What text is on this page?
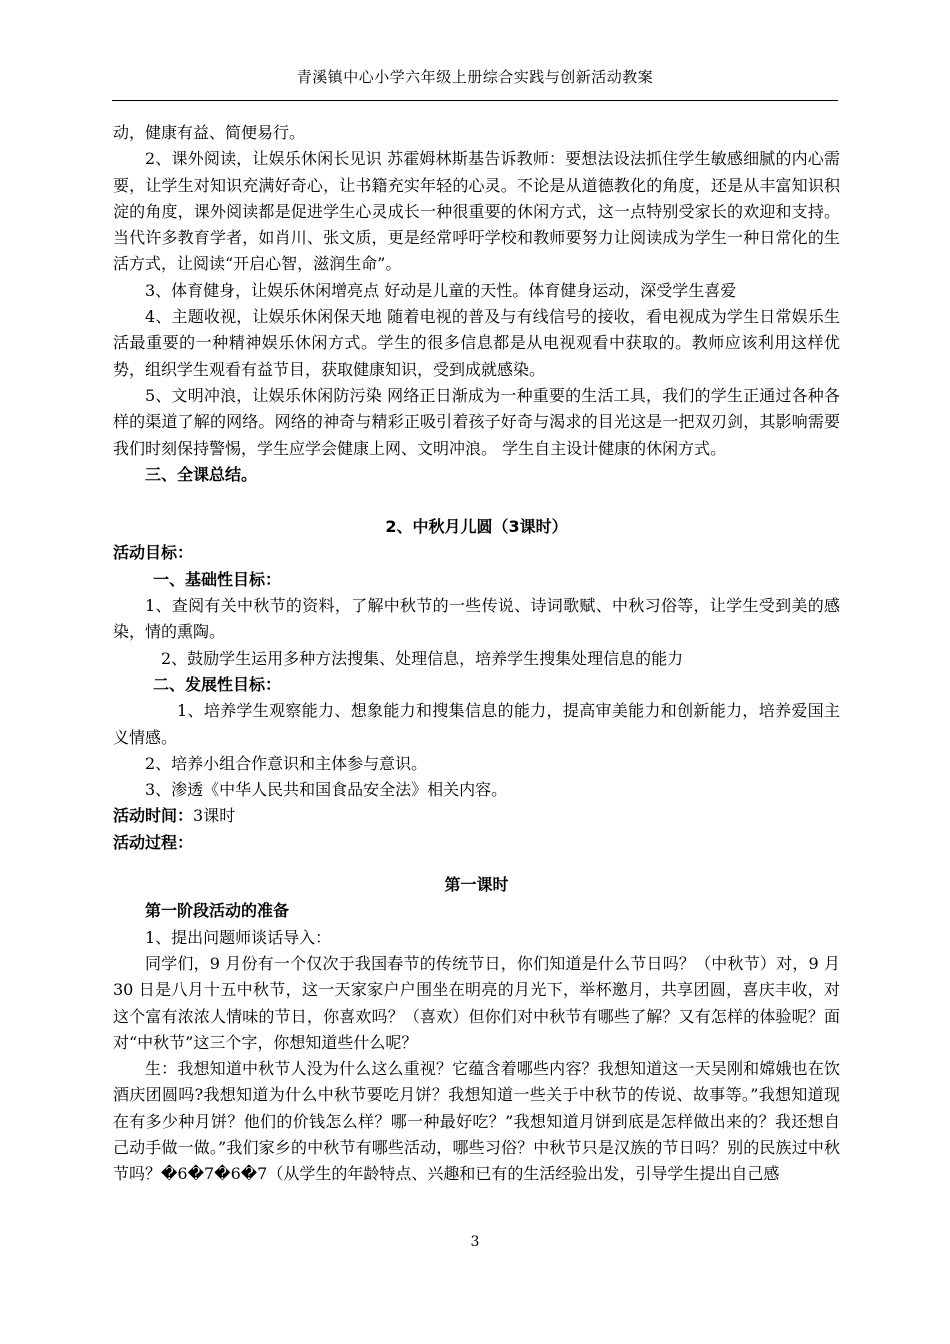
青溪镇中心小学六年级上册综合实践与创新活动教案

动，健康有益、简便易行。

2、课外阅读，让娱乐休闲长见识 苏霍姆林斯基告诉教师：要想法设法抓住学生敏感细腻的内心需要，让学生对知识充满好奇心，让书籍充实年轻的心灵。不论是从道德教化的角度，还是从丰富知识积淀的角度，课外阅读都是促进学生心灵成长一种很重要的休闲方式，这一点特别受家长的欢迎和支持。当代许多教育学者，如肖川、张文质，更是经常呼吁学校和教师要努力让阅读成为学生一种日常化的生活方式，让阅读“开启心智，滋润生命”。

3、体育健身，让娱乐休闲增亮点 好动是儿童的天性。体育健身运动，深受学生喜爱

4、主题收视，让娱乐休闲保天地 随着电视的普及与有线信号的接收，看电视成为学生日常娱乐生活最重要的一种精神娱乐休闲方式。学生的很多信息都是从电视观看中获取的。教师应该利用这样优势，组织学生观看有益节目，获取健康知识，受到成就感染。

5、文明冲浪，让娱乐休闲防污染 网络正日渐成为一种重要的生活工具，我们的学生正通过各种各样的渠道了解的网络。网络的神奇与精彩正吸引着孩子好奇与渴求的目光这是一把双刃剑，其影响需要我们时刻保持警惕，学生应学会健康上网、文明冲浪。 学生自主设计健康的休闲方式。

三、全课总结。

2、中秋月儿圆（3课时）

活动目标：

一、基础性目标：

1、查阅有关中秋节的资料，了解中秋节的一些传说、诗词歌赋、中秋习俗等，让学生受到美的感染，情的熏陶。

2、鼓励学生运用多种方法搜集、处理信息，培养学生搜集处理信息的能力

二、发展性目标：

1、培养学生观察能力、想象能力和搜集信息的能力，提高审美能力和创新能力，培养爱国主义情感。

2、培养小组合作意识和主体参与意识。

3、渗透《中华人民共和国食品安全法》相关内容。

活动时间：3课时

活动过程：

第一课时

第一阶段活动的准备

1、提出问题师谈话导入：

同学们，9 月份有一个仅次于我国春节的传统节日，你们知道是什么节日吗？（中秋节）对，9 月 30 日是八月十五中秋节，这一天家家户户围坐在明亮的月光下，举杯邀月，共享团圆，喜庆丰收，对这个富有浓浓人情味的节日，你喜欢吗？（喜欢）但你们对中秋节有哪些了解？又有怎样的体验呢？面对“中秋节”这三个字，你想知道些什么呢？

生：我想知道中秋节人没为什么这么重视？它蕴含着哪些内容？我想知道这一天吴刚和嫦娥也在饮酒庆团圆吗?我想知道为什么中秋节要吃月饼？我想知道一些关于中秋节的传说、故事等。”我想知道现在有多少种月饼？他们的价钱怎么样？哪一种最好吃？”我想知道月饼到底是怎样做出来的？我还想自己动手做一做。”我们家乡的中秋节有哪些活动，哪些习俗？中秋节只是汉族的节日吗？别的民族过中秋节吗？�6�7�6�7（从学生的年龄特点、兴趣和已有的生活经验出发，引导学生提出自己感

3
